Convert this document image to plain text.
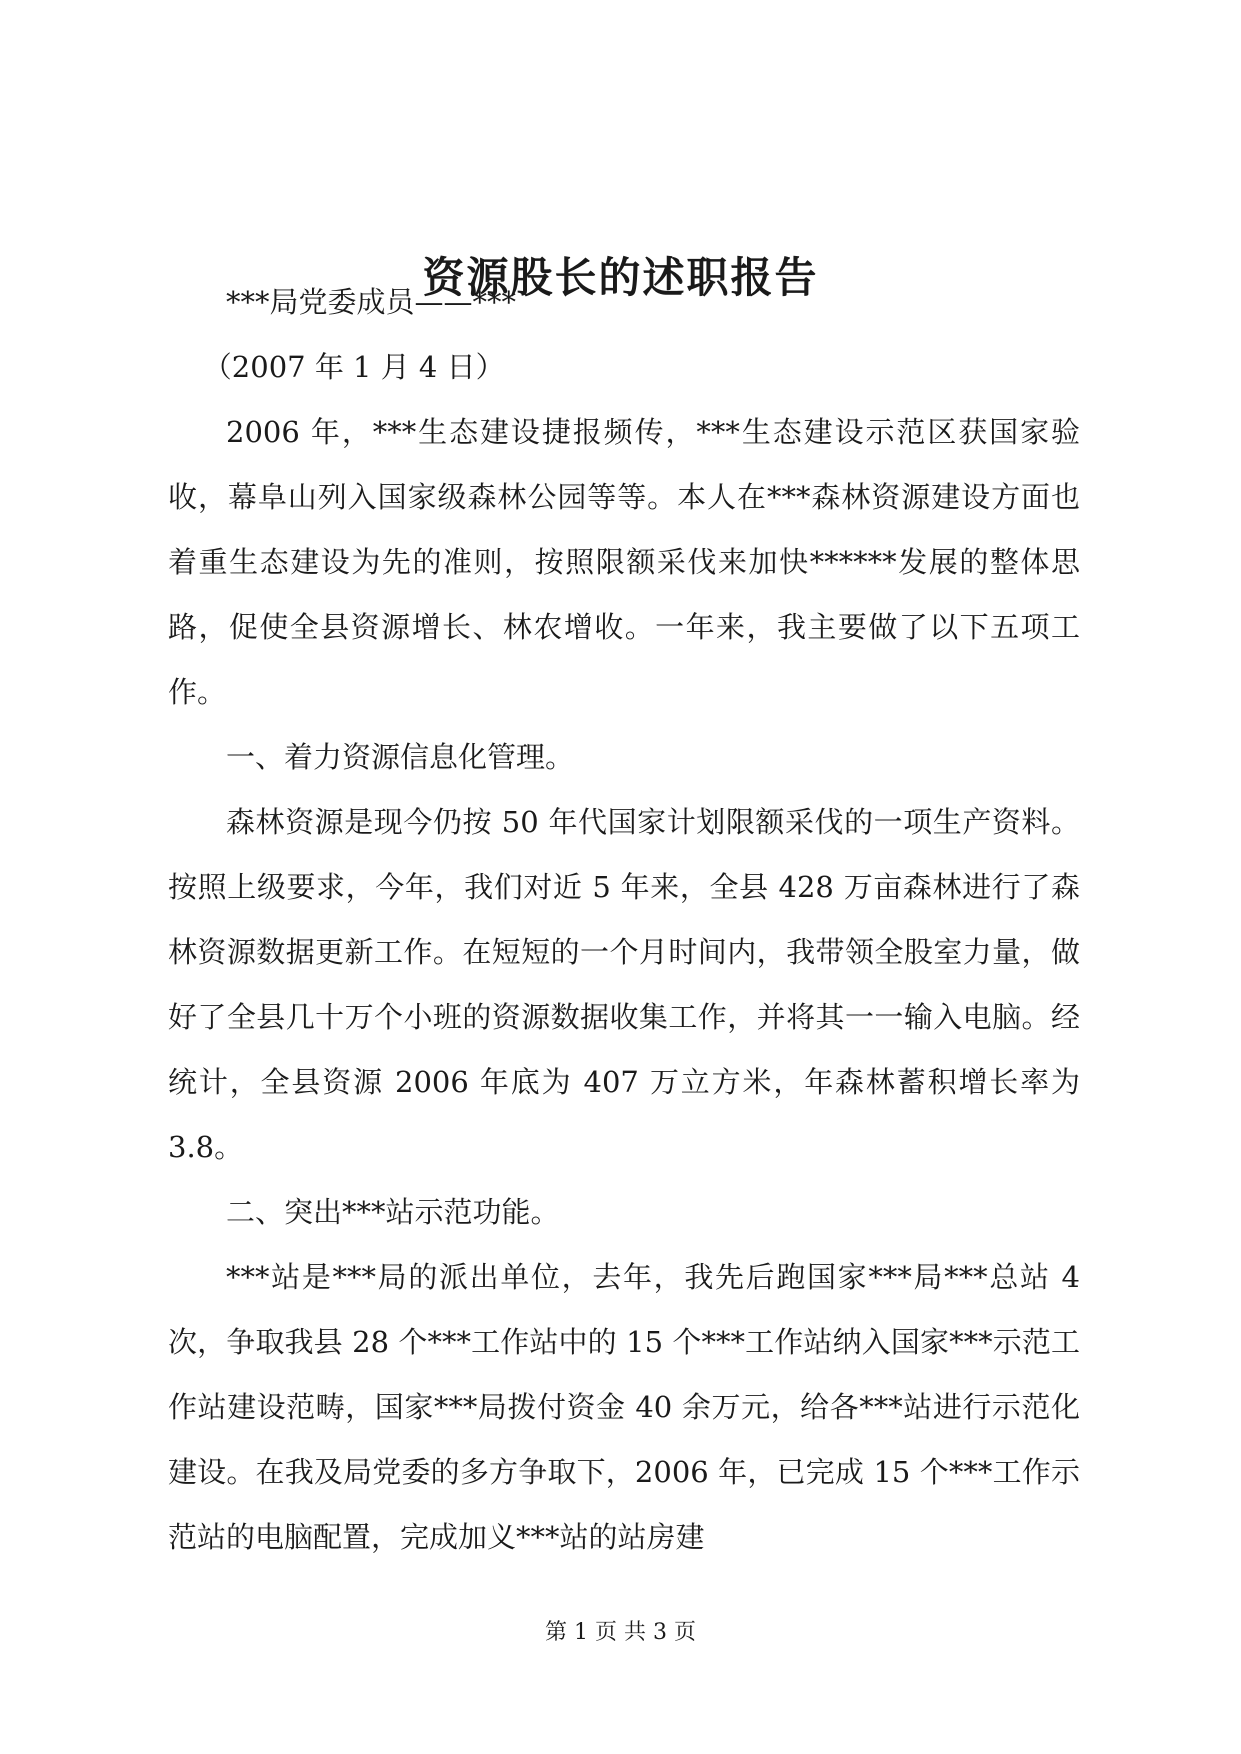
资源股长的述职报告

***局党委成员——***

（2007 年 1 月 4 日）

2006 年，***生态建设捷报频传，***生态建设示范区获国家验收，幕阜山列入国家级森林公园等等。本人在***森林资源建设方面也着重生态建设为先的准则，按照限额采伐来加快******发展的整体思路，促使全县资源增长、林农增收。一年来，我主要做了以下五项工作。

一、着力资源信息化管理。

森林资源是现今仍按 50 年代国家计划限额采伐的一项生产资料。按照上级要求，今年，我们对近 5 年来，全县 428 万亩森林进行了森林资源数据更新工作。在短短的一个月时间内，我带领全股室力量，做好了全县几十万个小班的资源数据收集工作，并将其一一输入电脑。经统计，全县资源 2006 年底为 407 万立方米，年森林蓄积增长率为 3.8。

二、突出***站示范功能。

***站是***局的派出单位，去年，我先后跑国家***局***总站 4 次，争取我县 28 个***工作站中的 15 个***工作站纳入国家***示范工作站建设范畴，国家***局拨付资金 40 余万元，给各***站进行示范化建设。在我及局党委的多方争取下，2006 年，已完成 15 个***工作示范站的电脑配置，完成加义***站的站房建

第 1 页 共 3 页
